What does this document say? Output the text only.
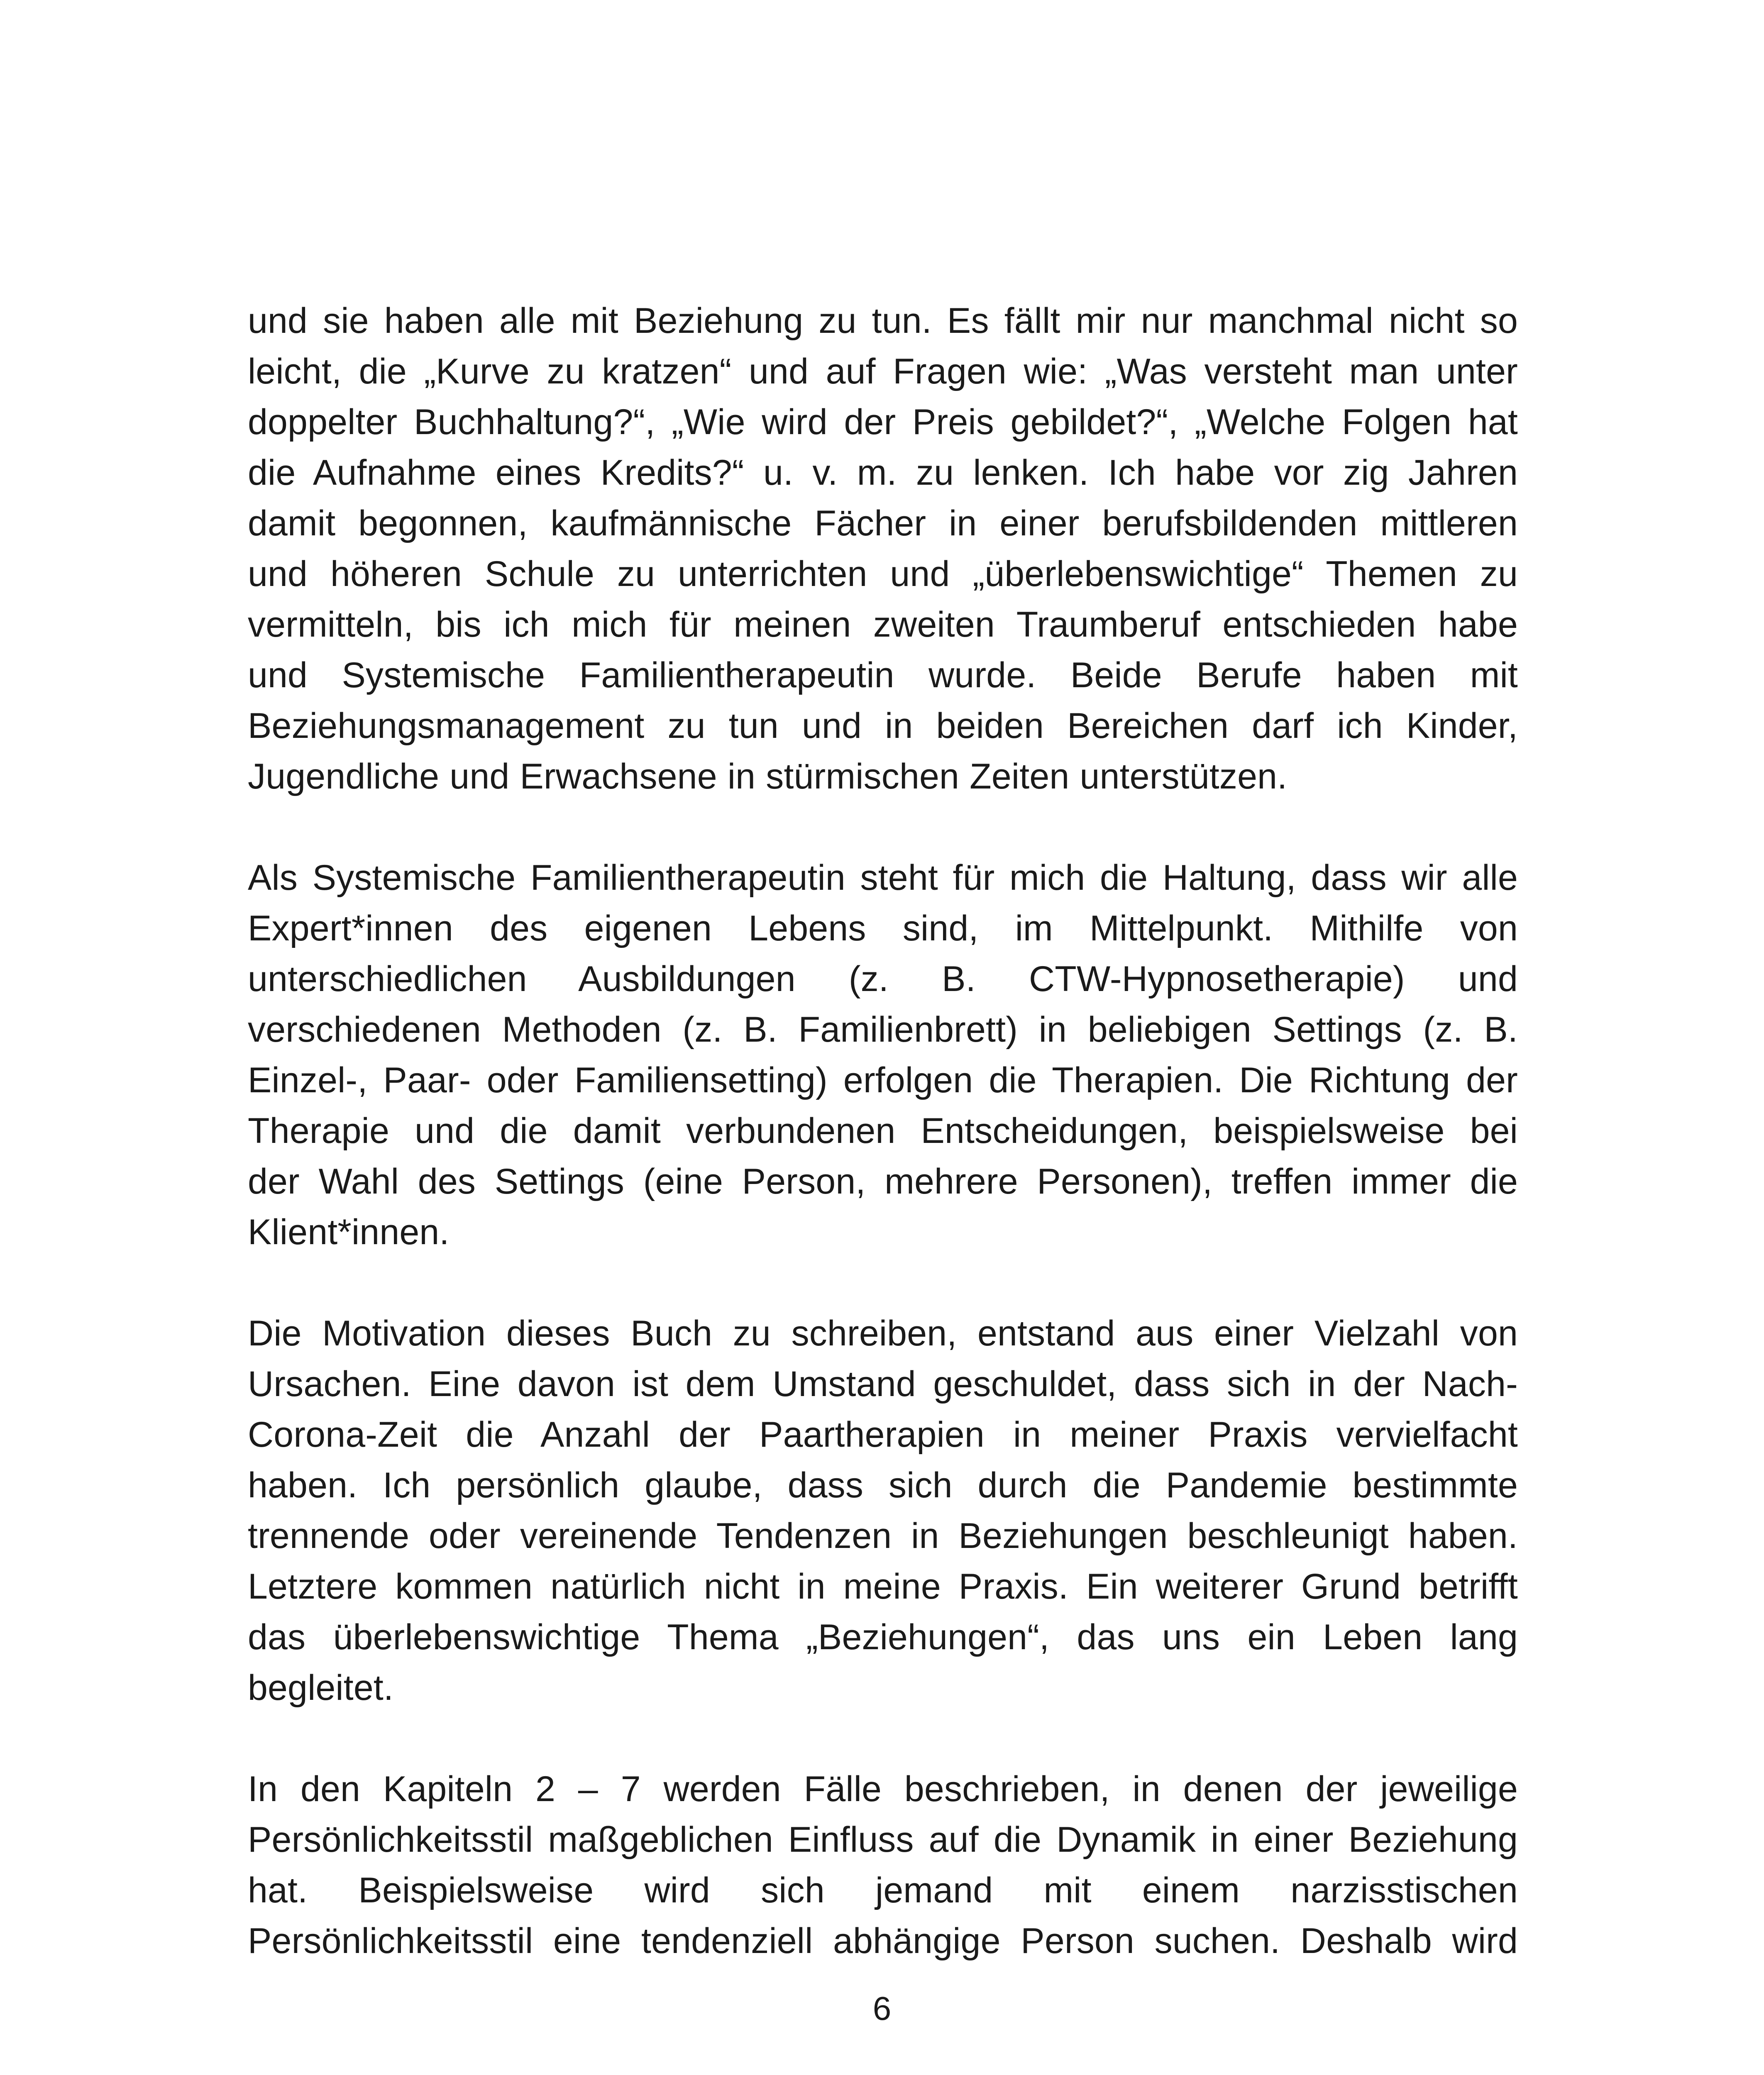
und sie haben alle mit Beziehung zu tun. Es fällt mir nur manchmal nicht so
leicht, die „Kurve zu kratzen“ und auf Fragen wie: „Was versteht man unter
doppelter Buchhaltung?“, „Wie wird der Preis gebildet?“, „Welche Folgen hat
die Aufnahme eines Kredits?“ u. v. m. zu lenken. Ich habe vor zig Jahren
damit begonnen, kaufmännische Fächer in einer berufsbildenden mittleren
und höheren Schule zu unterrichten und „überlebenswichtige“ Themen zu
vermitteln, bis ich mich für meinen zweiten Traumberuf entschieden habe
und Systemische Familientherapeutin wurde. Beide Berufe haben mit
Beziehungsmanagement zu tun und in beiden Bereichen darf ich Kinder,
Jugendliche und Erwachsene in stürmischen Zeiten unterstützen.

Als Systemische Familientherapeutin steht für mich die Haltung, dass wir alle
Expert*innen des eigenen Lebens sind, im Mittelpunkt. Mithilfe von
unterschiedlichen Ausbildungen (z. B. CTW-Hypnosetherapie) und
verschiedenen Methoden (z. B. Familienbrett) in beliebigen Settings (z. B.
Einzel-, Paar- oder Familiensetting) erfolgen die Therapien. Die Richtung der
Therapie und die damit verbundenen Entscheidungen, beispielsweise bei
der Wahl des Settings (eine Person, mehrere Personen), treffen immer die
Klient*innen.

Die Motivation dieses Buch zu schreiben, entstand aus einer Vielzahl von
Ursachen. Eine davon ist dem Umstand geschuldet, dass sich in der Nach-
Corona-Zeit die Anzahl der Paartherapien in meiner Praxis vervielfacht
haben. Ich persönlich glaube, dass sich durch die Pandemie bestimmte
trennende oder vereinende Tendenzen in Beziehungen beschleunigt haben.
Letztere kommen natürlich nicht in meine Praxis. Ein weiterer Grund betrifft
das überlebenswichtige Thema „Beziehungen“, das uns ein Leben lang
begleitet.

In den Kapiteln 2 – 7 werden Fälle beschrieben, in denen der jeweilige
Persönlichkeitsstil maßgeblichen Einfluss auf die Dynamik in einer Beziehung
hat. Beispielsweise wird sich jemand mit einem narzisstischen
Persönlichkeitsstil eine tendenziell abhängige Person suchen. Deshalb wird

6
